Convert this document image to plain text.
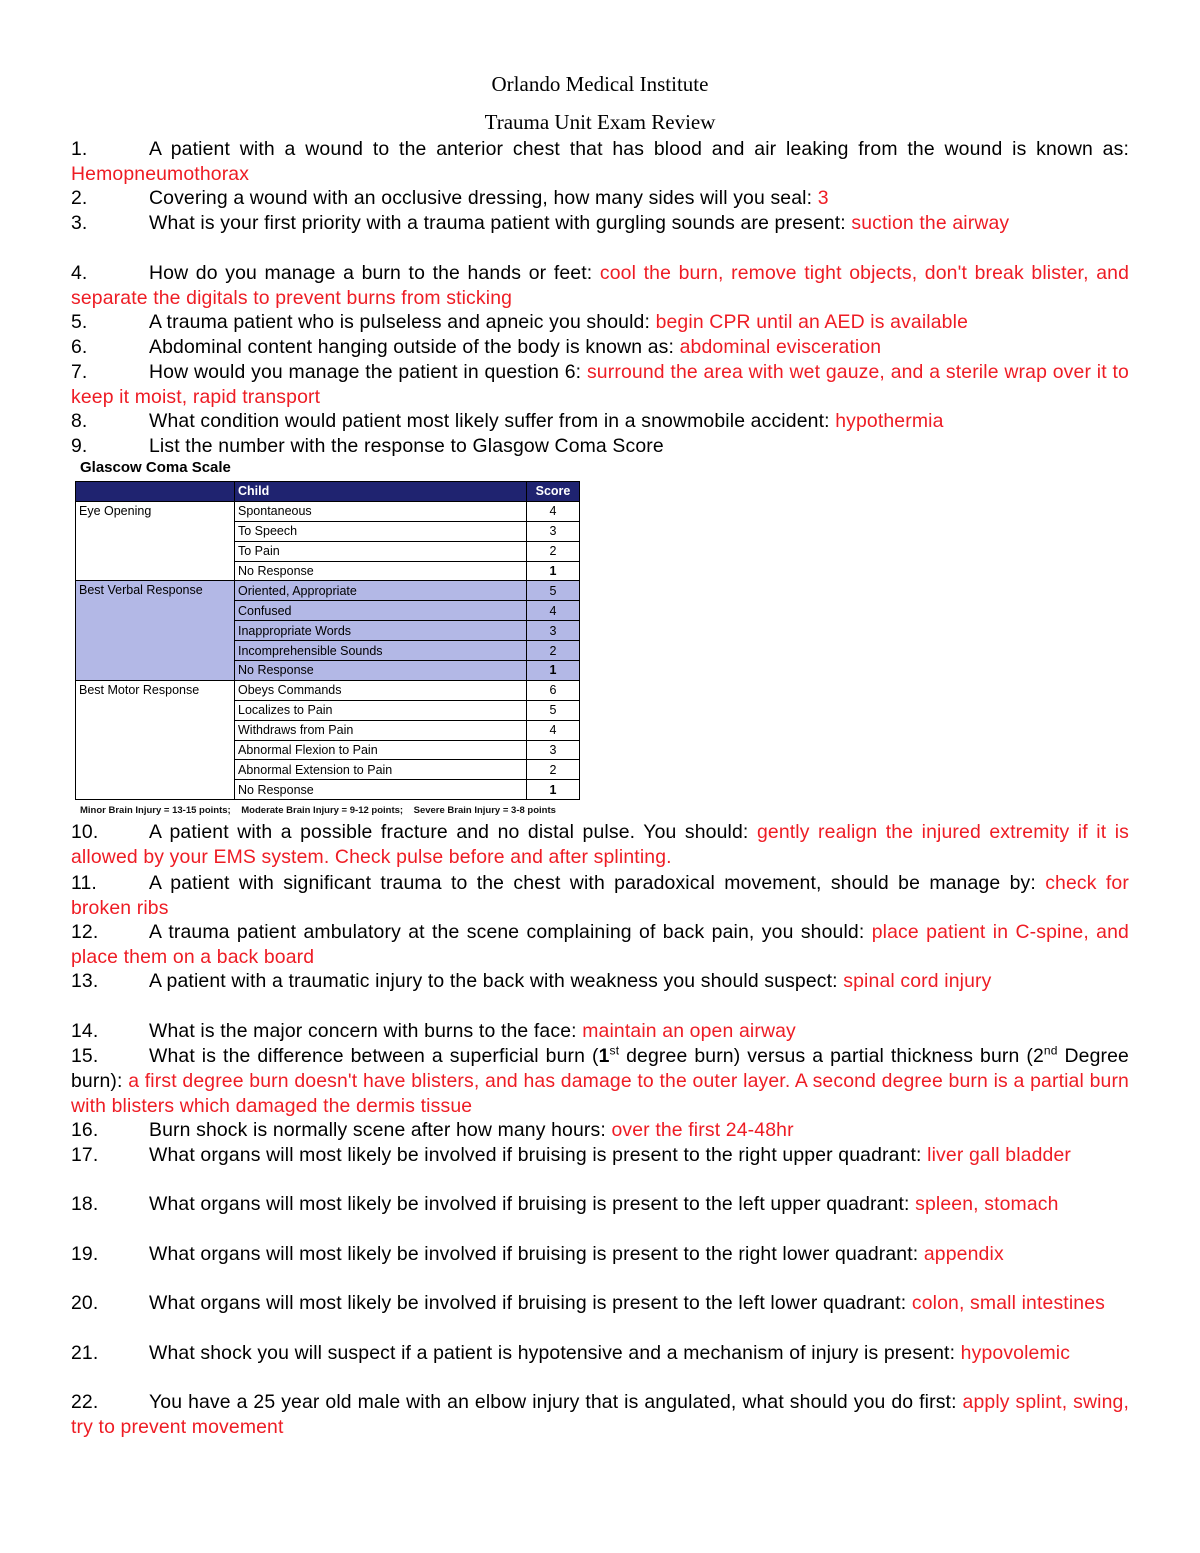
Orlando Medical Institute
Trauma Unit Exam Review
1.	A patient with a wound to the anterior chest that has blood and air leaking from the wound is known as: Hemopneumothorax
2.	Covering a wound with an occlusive dressing, how many sides will you seal: 3
3.	What is your first priority with a trauma patient with gurgling sounds are present: suction the airway
4.	How do you manage a burn to the hands or feet: cool the burn, remove tight objects, don't break blister, and separate the digitals to prevent burns from sticking
5.	A trauma patient who is pulseless and apneic you should: begin CPR until an AED is available
6.	Abdominal content hanging outside of the body is known as: abdominal evisceration
7.	How would you manage the patient in question 6: surround the area with wet gauze, and a sterile wrap over it to keep it moist, rapid transport
8.	What condition would patient most likely suffer from in a snowmobile accident: hypothermia
9.	List the number with the response to Glasgow Coma Score
Glascow Coma Scale
	Child	Score
Eye Opening	Spontaneous	4
	To Speech	3
	To Pain	2
	No Response	1
Best Verbal Response	Oriented, Appropriate	5
	Confused	4
	Inappropriate Words	3
	Incomprehensible Sounds	2
	No Response	1
Best Motor Response	Obeys Commands	6
	Localizes to Pain	5
	Withdraws from Pain	4
	Abnormal Flexion to Pain	3
	Abnormal Extension to Pain	2
	No Response	1
Minor Brain Injury = 13-15 points;    Moderate Brain Injury = 9-12 points;    Severe Brain Injury = 3-8 points
10.	A patient with a possible fracture and no distal pulse. You should: gently realign the injured extremity if it is allowed by your EMS system. Check pulse before and after splinting.
11.	A patient with significant trauma to the chest with paradoxical movement, should be manage by: check for broken ribs
12.	A trauma patient ambulatory at the scene complaining of back pain, you should: place patient in C-spine, and place them on a back board
13.	A patient with a traumatic injury to the back with weakness you should suspect: spinal cord injury
14.	What is the major concern with burns to the face: maintain an open airway
15.	What is the difference between a superficial burn (1st degree burn) versus a partial thickness burn (2nd Degree burn): a first degree burn doesn't have blisters, and has damage to the outer layer. A second degree burn is a partial burn with blisters which damaged the dermis tissue
16.	Burn shock is normally scene after how many hours: over the first 24-48hr
17.	What organs will most likely be involved if bruising is present to the right upper quadrant: liver gall bladder
18.	What organs will most likely be involved if bruising is present to the left upper quadrant: spleen, stomach
19.	What organs will most likely be involved if bruising is present to the right lower quadrant: appendix
20.	What organs will most likely be involved if bruising is present to the left lower quadrant: colon, small intestines
21.	What shock you will suspect if a patient is hypotensive and a mechanism of injury is present: hypovolemic
22.	You have a 25 year old male with an elbow injury that is angulated, what should you do first: apply splint, swing, try to prevent movement
